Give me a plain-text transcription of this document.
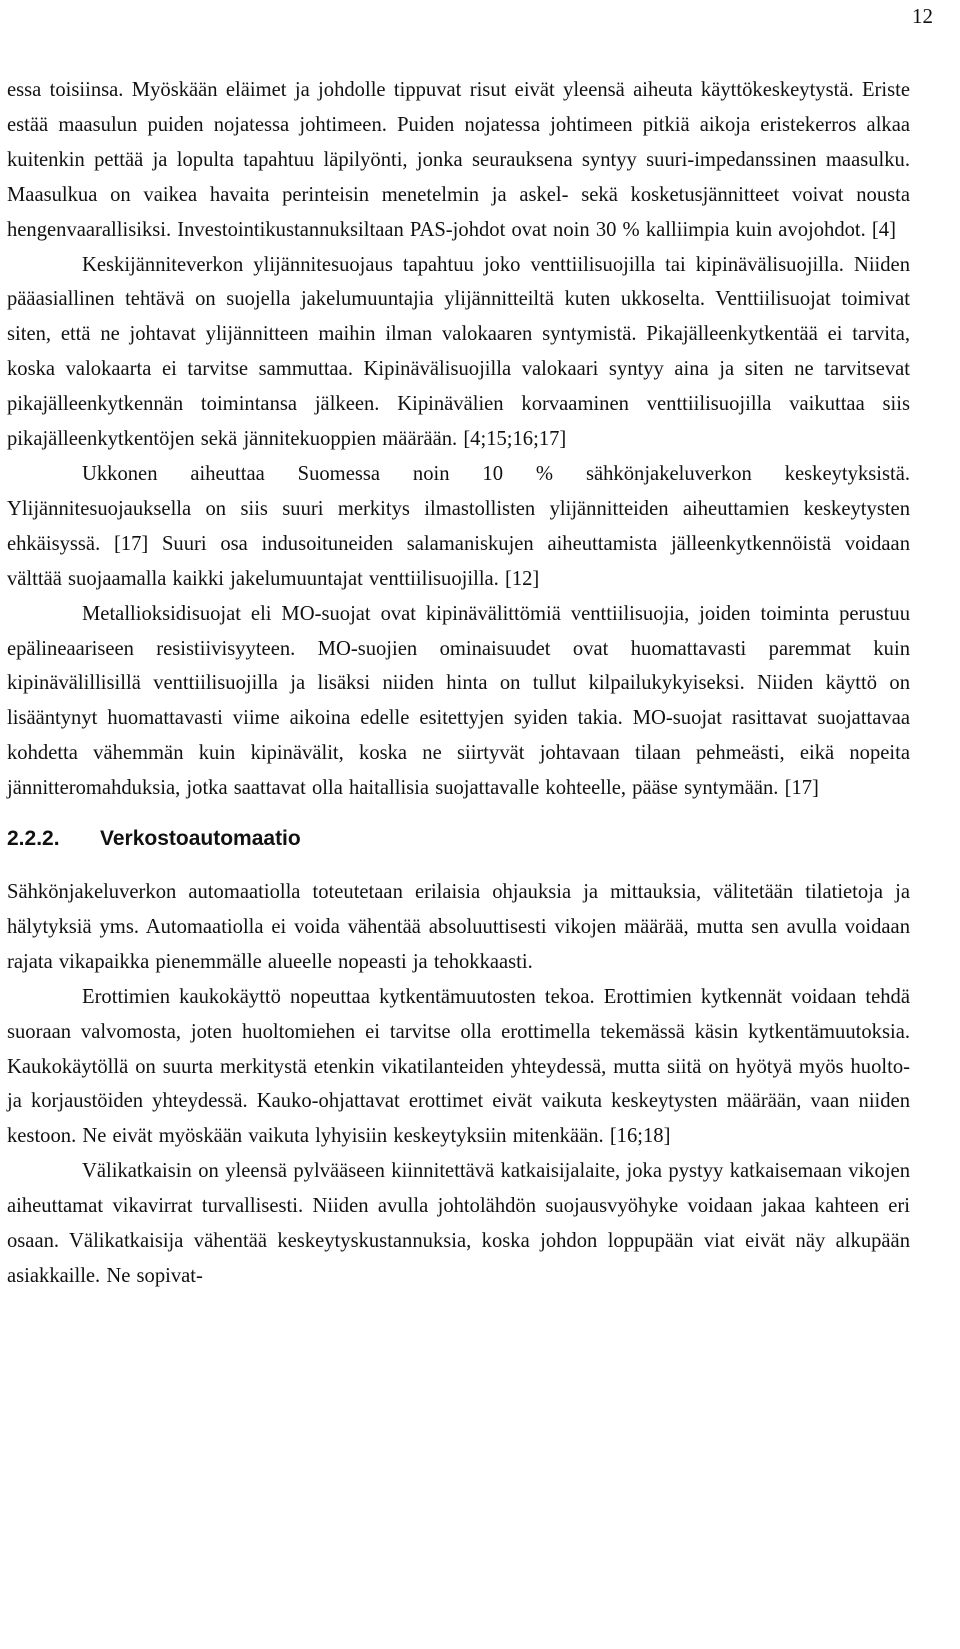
12

essa toisiinsa. Myöskään eläimet ja johdolle tippuvat risut eivät yleensä aiheuta käyttökeskeytystä. Eriste estää maasulun puiden nojatessa johtimeen. Puiden nojatessa johtimeen pitkiä aikoja eristekerros alkaa kuitenkin pettää ja lopulta tapahtuu läpilyönti, jonka seurauksena syntyy suuri-impedanssinen maasulku. Maasulkua on vaikea havaita perinteisin menetelmin ja askel- sekä kosketusjännitteet voivat nousta hengenvaarallisiksi. Investointikustannuksiltaan PAS-johdot ovat noin 30 % kalliimpia kuin avojohdot. [4]

Keskijänniteverkon ylijännitesuojaus tapahtuu joko venttiilisuojilla tai kipinävälisuojilla. Niiden pääasiallinen tehtävä on suojella jakelumuuntajia ylijännitteiltä kuten ukkoselta. Venttiilisuojat toimivat siten, että ne johtavat ylijännitteen maihin ilman valokaaren syntymistä. Pikajälleenkytkentää ei tarvita, koska valokaarta ei tarvitse sammuttaa. Kipinävälisuojilla valokaari syntyy aina ja siten ne tarvitsevat pikajälleenkytkennän toimintansa jälkeen. Kipinävälien korvaaminen venttiilisuojilla vaikuttaa siis pikajälleenkytkentöjen sekä jännitekuoppien määrään. [4;15;16;17]

Ukkonen aiheuttaa Suomessa noin 10 % sähkönjakeluverkon keskeytyksistä. Ylijännitesuojauksella on siis suuri merkitys ilmastollisten ylijännitteiden aiheuttamien keskeytysten ehkäisyssä. [17] Suuri osa indusoituneiden salamaniskujen aiheuttamista jälleenkytkennöistä voidaan välttää suojaamalla kaikki jakelumuuntajat venttiilisuojilla. [12]

Metallioksidisuojat eli MO-suojat ovat kipinävälittömiä venttiilisuojia, joiden toiminta perustuu epälineaariseen resistiivisyyteen. MO-suojien ominaisuudet ovat huomattavasti paremmat kuin kipinävälillisillä venttiilisuojilla ja lisäksi niiden hinta on tullut kilpailukykyiseksi. Niiden käyttö on lisääntynyt huomattavasti viime aikoina edelle esitettyjen syiden takia. MO-suojat rasittavat suojattavaa kohdetta vähemmän kuin kipinävälit, koska ne siirtyvät johtavaan tilaan pehmeästi, eikä nopeita jännitteromahduksia, jotka saattavat olla haitallisia suojattavalle kohteelle, pääse syntymään. [17]

2.2.2. Verkostoautomaatio

Sähkönjakeluverkon automaatiolla toteutetaan erilaisia ohjauksia ja mittauksia, välitetään tilatietoja ja hälytyksiä yms. Automaatiolla ei voida vähentää absoluuttisesti vikojen määrää, mutta sen avulla voidaan rajata vikapaikka pienemmälle alueelle nopeasti ja tehokkaasti.

Erottimien kaukokäyttö nopeuttaa kytkentämuutosten tekoa. Erottimien kytkennät voidaan tehdä suoraan valvomosta, joten huoltomiehen ei tarvitse olla erottimella tekemässä käsin kytkentämuutoksia. Kaukokäytöllä on suurta merkitystä etenkin vikatilanteiden yhteydessä, mutta siitä on hyötyä myös huolto- ja korjaustöiden yhteydessä. Kauko-ohjattavat erottimet eivät vaikuta keskeytysten määrään, vaan niiden kestoon. Ne eivät myöskään vaikuta lyhyisiin keskeytyksiin mitenkään. [16;18]

Välikatkaisin on yleensä pylvääseen kiinnitettävä katkaisijalaite, joka pystyy katkaisemaan vikojen aiheuttamat vikavirrat turvallisesti. Niiden avulla johtolähdön suojausvyöhyke voidaan jakaa kahteen eri osaan. Välikatkaisija vähentää keskeytyskustannuksia, koska johdon loppupään viat eivät näy alkupään asiakkaille. Ne sopivat-
